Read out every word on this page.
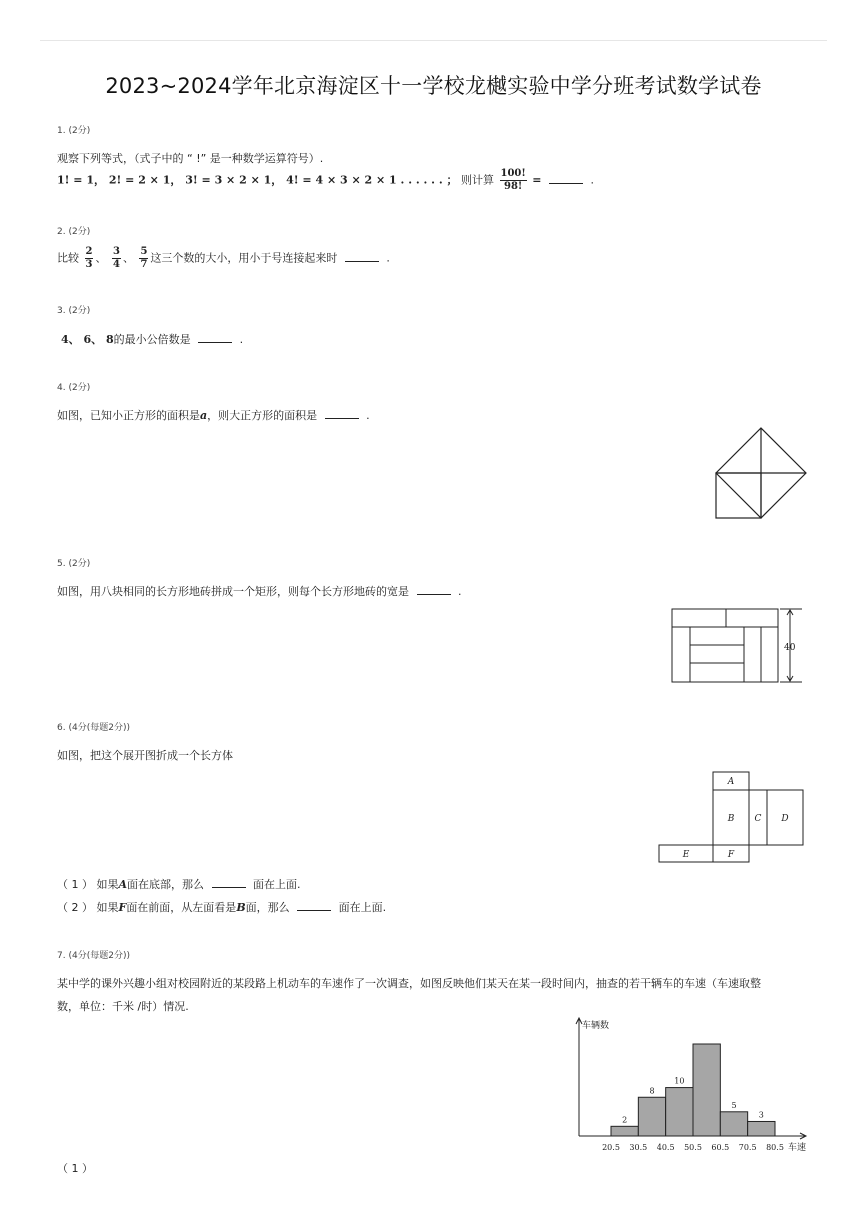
2023~2024学年北京海淀区十一学校龙樾实验中学分班考试数学试卷
1. (2分)
观察下列等式，（式子中的 “ !” 是一种数学运算符号）.
1! = 1， 2! = 2 × 1， 3! = 3 × 2 × 1， 4! = 4 × 3 × 2 × 1 . . . . . . ； 则计算 $\frac{100!}{98!}$ =	.
2. (2分)
比较 $\frac{2}{3}$ 、 $\frac{3}{4}$ 、 $\frac{5}{7}$ 这三个数的大小，用小于号连接起来时	.
3. (2分)
4、 6、 8的最小公倍数是	.
4. (2分)
如图，已知小正方形的面积是a，则大正方形的面积是	.
5. (2分)
如图，用八块相同的长方形地砖拼成一个矩形，则每个长方形地砖的宽是	.
40
6. (4分(每题2分))
如图，把这个展开图折成一个长方体
A
B C D
E	F
（ 1 ） 如果A面在底部，那么	面在上面.
（ 2 ） 如果F面在前面，从左面看是B面，那么	面在上面.
7. (4分(每题2分))
某中学的课外兴趣小组对校园附近的某段路上机动车的车速作了一次调查，如图反映他们某天在某一段时间内，抽查的若干辆车的车速（车速取整
数，单位：千米 /时）情况.
车辆数
车速
20.5 30.5 40.5 50.5 60.5 70.5 80.5
2
8
10
5
3
（ 1 ）
